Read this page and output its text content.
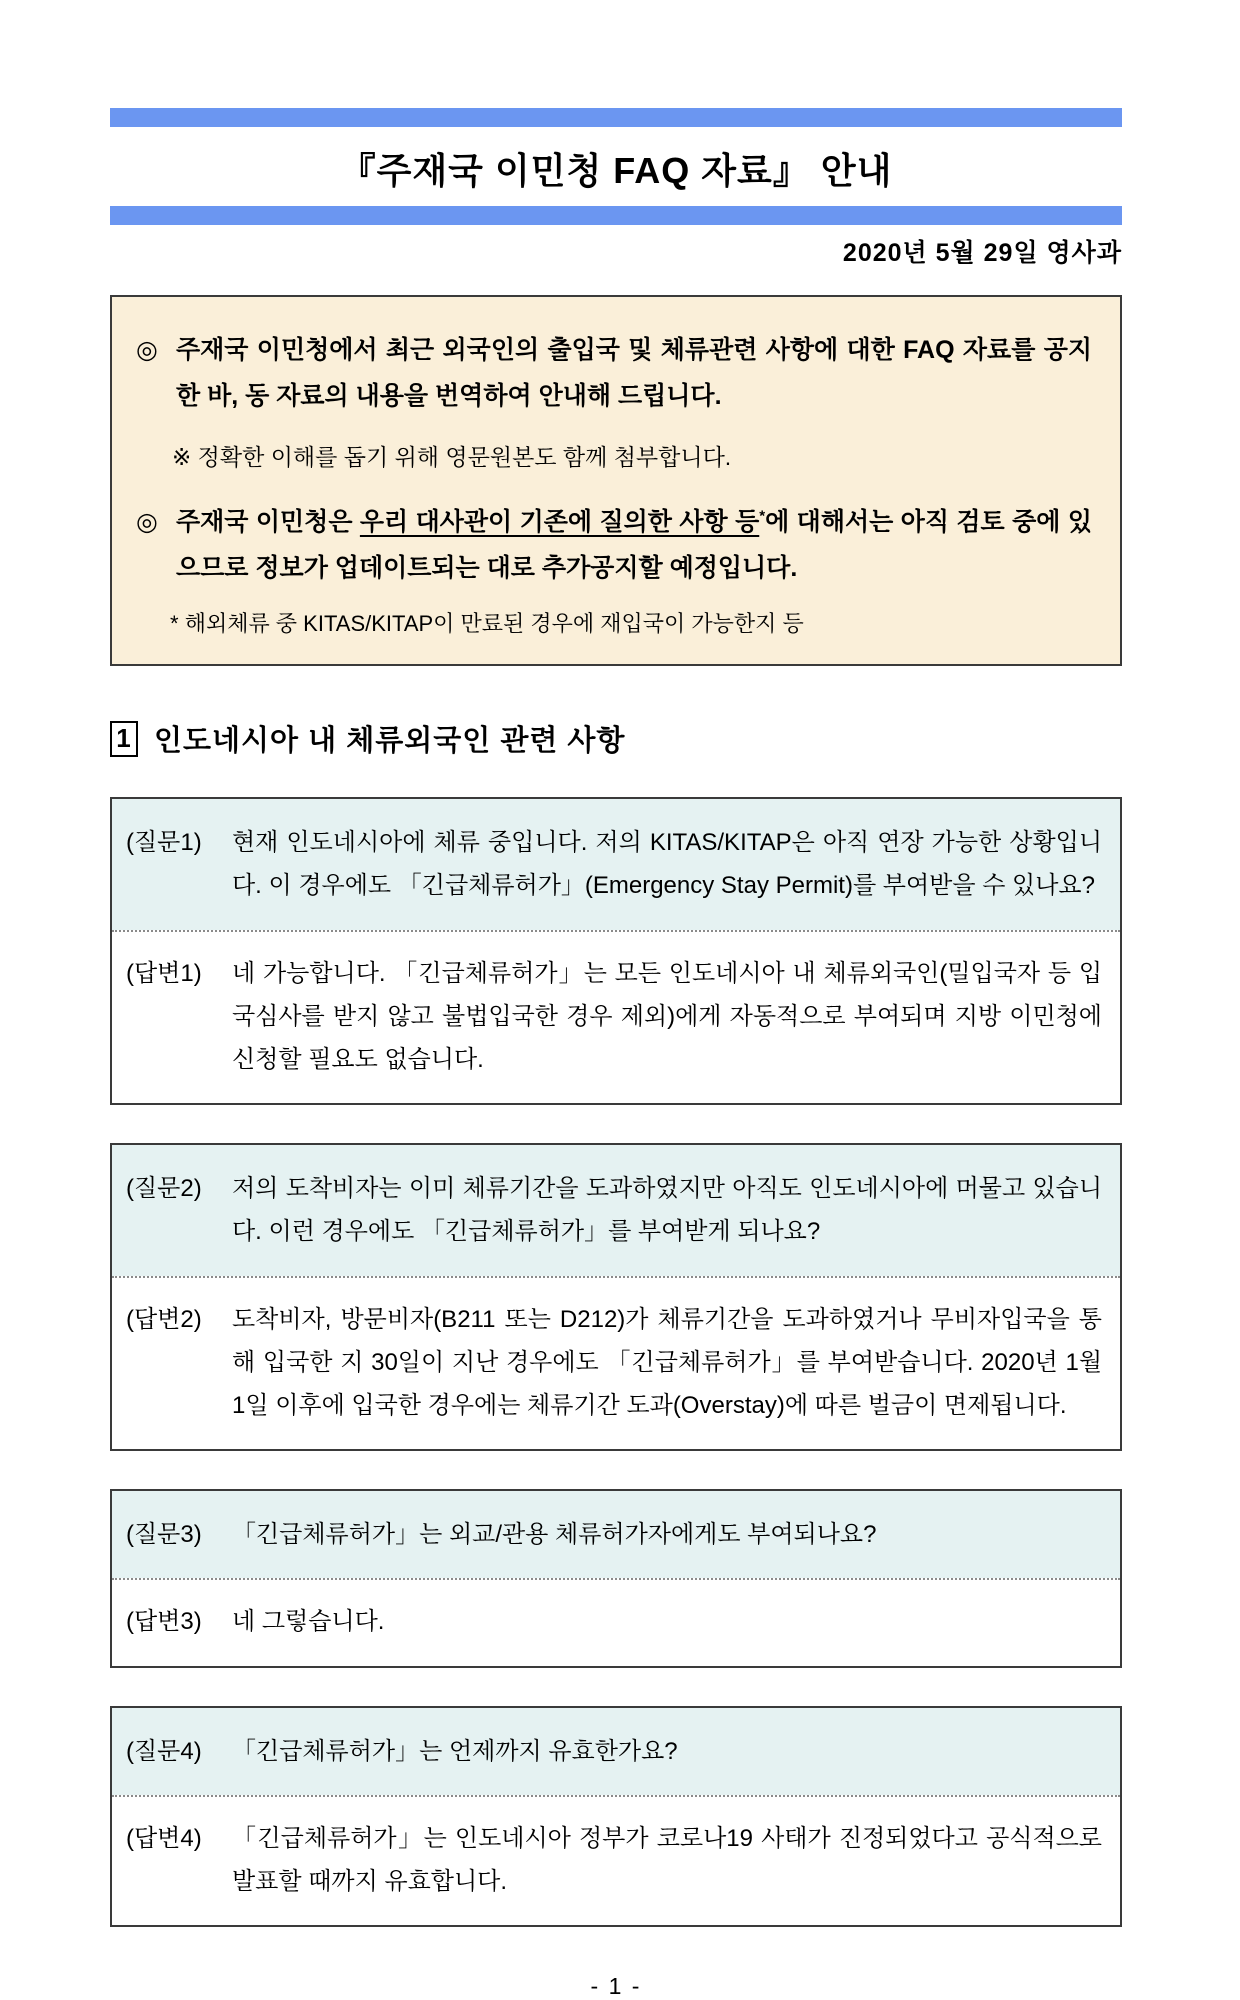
『주재국 이민청 FAQ 자료』 안내
2020년 5월 29일 영사과
◎ 주재국 이민청에서 최근 외국인의 출입국 및 체류관련 사항에 대한 FAQ 자료를 공지한 바, 동 자료의 내용을 번역하여 안내해 드립니다.
※ 정확한 이해를 돕기 위해 영문원본도 함께 첨부합니다.
◎ 주재국 이민청은 우리 대사관이 기존에 질의한 사항 등*에 대해서는 아직 검토 중에 있으므로 정보가 업데이트되는 대로 추가공지할 예정입니다.
* 해외체류 중 KITAS/KITAP이 만료된 경우에 재입국이 가능한지 등
1 인도네시아 내 체류외국인 관련 사항
(질문1)	현재 인도네시아에 체류 중입니다. 저의 KITAS/KITAP은 아직 연장 가능한 상황입니다. 이 경우에도 「긴급체류허가」(Emergency Stay Permit)를 부여받을 수 있나요?
(답변1)	네 가능합니다. 「긴급체류허가」는 모든 인도네시아 내 체류외국인(밀입국자 등 입국심사를 받지 않고 불법입국한 경우 제외)에게 자동적으로 부여되며 지방 이민청에 신청할 필요도 없습니다.
(질문2)	저의 도착비자는 이미 체류기간을 도과하였지만 아직도 인도네시아에 머물고 있습니다. 이런 경우에도 「긴급체류허가」를 부여받게 되나요?
(답변2)	도착비자, 방문비자(B211 또는 D212)가 체류기간을 도과하였거나 무비자입국을 통해 입국한 지 30일이 지난 경우에도 「긴급체류허가」를 부여받습니다. 2020년 1월 1일 이후에 입국한 경우에는 체류기간 도과(Overstay)에 따른 벌금이 면제됩니다.
(질문3)	「긴급체류허가」는 외교/관용 체류허가자에게도 부여되나요?
(답변3)	네 그렇습니다.
(질문4)	「긴급체류허가」는 언제까지 유효한가요?
(답변4)	「긴급체류허가」는 인도네시아 정부가 코로나19 사태가 진정되었다고 공식적으로 발표할 때까지 유효합니다.
- 1 -
